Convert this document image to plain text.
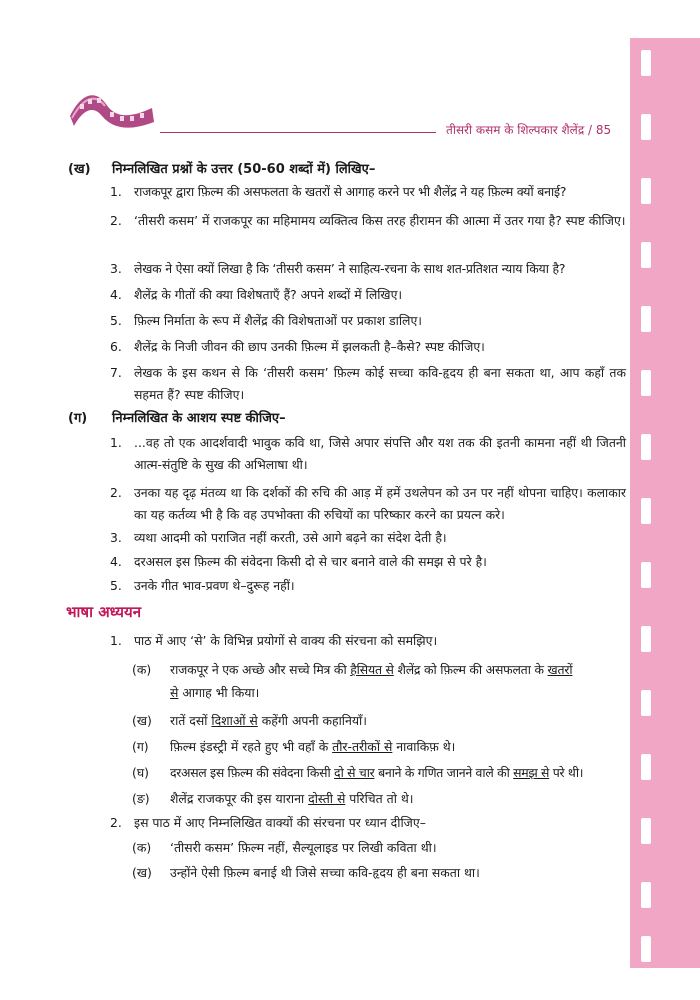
तीसरी कसम के शिल्पकार शैलेंद्र / 85
(ख) निम्नलिखित प्रश्नों के उत्तर (50-60 शब्दों में) लिखिए–
1. राजकपूर द्वारा फ़िल्म की असफलता के खतरों से आगाह करने पर भी शैलेंद्र ने यह फ़िल्म क्यों बनाई?
2. ‘तीसरी कसम’ में राजकपूर का महिमामय व्यक्तित्व किस तरह हीरामन की आत्मा में उतर गया है? स्पष्ट कीजिए।
3. लेखक ने ऐसा क्यों लिखा है कि ‘तीसरी कसम’ ने साहित्य-रचना के साथ शत-प्रतिशत न्याय किया है?
4. शैलेंद्र के गीतों की क्या विशेषताएँ हैं? अपने शब्दों में लिखिए।
5. फ़िल्म निर्माता के रूप में शैलेंद्र की विशेषताओं पर प्रकाश डालिए।
6. शैलेंद्र के निजी जीवन की छाप उनकी फ़िल्म में झलकती है–कैसे? स्पष्ट कीजिए।
7. लेखक के इस कथन से कि ‘तीसरी कसम’ फ़िल्म कोई सच्चा कवि-हृदय ही बना सकता था, आप कहाँ तक सहमत हैं? स्पष्ट कीजिए।
(ग) निम्नलिखित के आशय स्पष्ट कीजिए–
1. ...वह तो एक आदर्शवादी भावुक कवि था, जिसे अपार संपत्ति और यश तक की इतनी कामना नहीं थी जितनी आत्म-संतुष्टि के सुख की अभिलाषा थी।
2. उनका यह दृढ़ मंतव्य था कि दर्शकों की रुचि की आड़ में हमें उथलेपन को उन पर नहीं थोपना चाहिए। कलाकार का यह कर्तव्य भी है कि वह उपभोक्ता की रुचियों का परिष्कार करने का प्रयत्न करे।
3. व्यथा आदमी को पराजित नहीं करती, उसे आगे बढ़ने का संदेश देती है।
4. दरअसल इस फ़िल्म की संवेदना किसी दो से चार बनाने वाले की समझ से परे है।
5. उनके गीत भाव-प्रवण थे–दुरूह नहीं।
भाषा अध्ययन
1. पाठ में आए ‘से’ के विभिन्न प्रयोगों से वाक्य की संरचना को समझिए।
(क)	राजकपूर ने एक अच्छे और सच्चे मित्र की हैसियत से शैलेंद्र को फ़िल्म की असफलता के खतरों
से आगाह भी किया।
(ख)	रातें दसों दिशाओं से कहेंगी अपनी कहानियाँ।
(ग)	फ़िल्म इंडस्ट्री में रहते हुए भी वहाँ के तौर-तरीकों से नावाकिफ़ थे।
(घ)	दरअसल इस फ़िल्म की संवेदना किसी दो से चार बनाने के गणित जानने वाले की समझ से परे थी।
(ङ)	शैलेंद्र राजकपूर की इस याराना दोस्ती से परिचित तो थे।
2. इस पाठ में आए निम्नलिखित वाक्यों की संरचना पर ध्यान दीजिए–
(क)	‘तीसरी कसम’ फ़िल्म नहीं, सैल्यूलाइड पर लिखी कविता थी।
(ख)	उन्होंने ऐसी फ़िल्म बनाई थी जिसे सच्चा कवि-हृदय ही बना सकता था।
